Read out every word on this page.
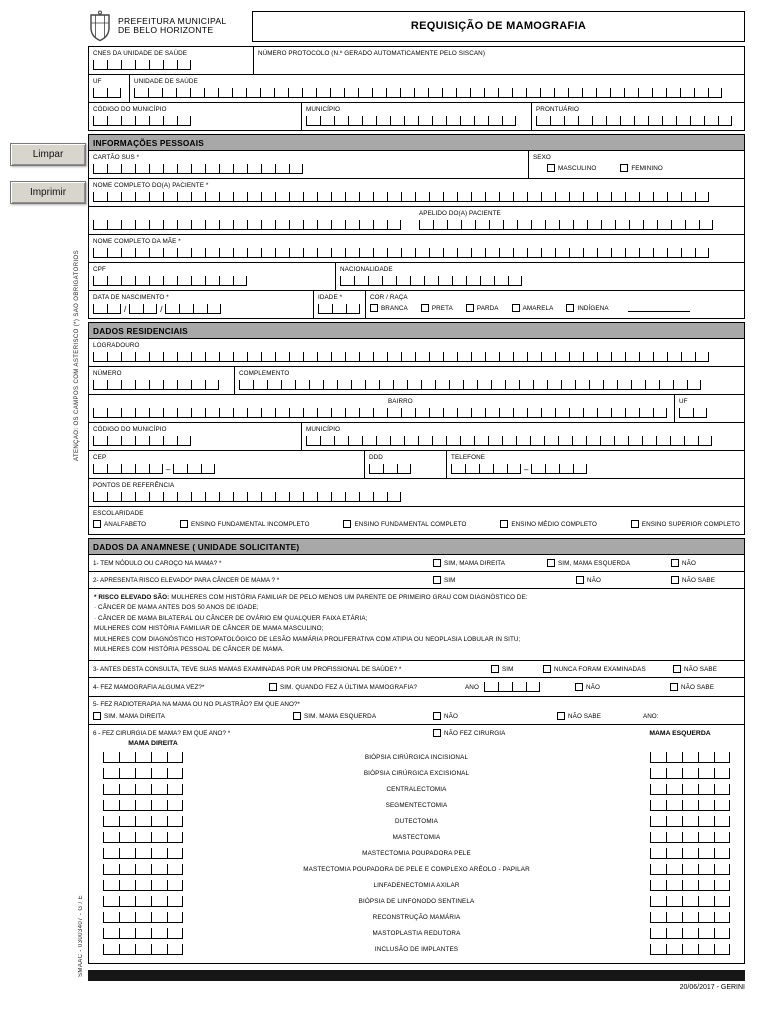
Limpar
Imprimir
ATENÇÃO: OS CAMPOS COM ASTERISCO (*) SÃO OBRIGATÓRIOS
SMAAC - 03003407 - G / E
PREFEITURA MUNICIPAL
DE BELO HORIZONTE	REQUISIÇÃO DE MAMOGRAFIA
CNES DA UNIDADE DE SAÚDE	NÚMERO PROTOCOLO (N.º GERADO AUTOMATICAMENTE PELO SISCAN)
UF	UNIDADE DE SAÚDE
CÓDIGO DO MUNICÍPIO	MUNICÍPIO	PRONTUÁRIO
INFORMAÇÕES PESSOAIS
CARTÃO SUS *	SEXO
MASCULINO	FEMININO
NOME COMPLETO DO(A) PACIENTE *
APELIDO DO(A) PACIENTE
NOME COMPLETO DA MÃE *
CPF	NACIONALIDADE
DATA DE NASCIMENTO *
/	/
IDADE *	COR / RAÇA
BRANCA	PRETA	PARDA	AMARELA	INDÍGENA
DADOS RESIDENCIAIS
LOGRADOURO
NÚMERO	COMPLEMENTO
BAIRRO	UF
CÓDIGO DO MUNICÍPIO	MUNICÍPIO
CEP
–
DDD	TELEFONE
–
PONTOS DE REFERÊNCIA
ESCOLARIDADE
ANALFABETO	ENSINO FUNDAMENTAL INCOMPLETO	ENSINO FUNDAMENTAL COMPLETO	ENSINO MÉDIO COMPLETO	ENSINO SUPERIOR COMPLETO
DADOS DA ANAMNESE ( UNIDADE SOLICITANTE)
1- TEM NÓDULO OU CAROÇO NA MAMA? *	SIM, MAMA DIREITA	SIM, MAMA ESQUERDA	NÃO
2- APRESENTA RISCO ELEVADO* PARA CÂNCER DE MAMA ? *	SIM	NÃO	NÃO SABE
* RISCO ELEVADO SÃO: MULHERES COM HISTÓRIA FAMILIAR DE PELO MENOS UM PARENTE DE PRIMEIRO GRAU COM DIAGNÓSTICO DE:
· CÂNCER DE MAMA ANTES DOS 50 ANOS DE IDADE;
· CÂNCER DE MAMA BILATERAL OU CÂNCER DE OVÁRIO EM QUALQUER FAIXA ETÁRIA;
MULHERES COM HISTÓRIA FAMILIAR DE CÂNCER DE MAMA MASCULINO;
MULHERES COM DIAGNÓSTICO HISTOPATOLÓGICO DE LESÃO MAMÁRIA PROLIFERATIVA COM ATIPIA OU NEOPLASIA LOBULAR IN SITU;
MULHERES COM HISTÓRIA PESSOAL DE CÂNCER DE MAMA.
3- ANTES DESTA CONSULTA, TEVE SUAS MAMAS EXAMINADAS POR UM PROFISSIONAL DE SAÚDE? *	SIM	NUNCA FORAM EXAMINADAS	NÃO SABE
4- FEZ MAMOGRAFIA ALGUMA VEZ?*	SIM. QUANDO FEZ A ÚLTIMA MAMOGRAFIA?	ANO	NÃO	NÃO SABE
5- FEZ RADIOTERAPIA NA MAMA OU NO PLASTRÃO? EM QUE ANO?*
SIM. MAMA DIREITA	SIM. MAMA ESQUERDA	NÃO	NÃO SABE	ANO:
6 - FEZ CIRURGIA DE MAMA? EM QUE ANO? *	NÃO FEZ CIRURGIA	MAMA ESQUERDA
MAMA DIREITA
BIÓPSIA CIRÚRGICA INCISIONAL
BIÓPSIA CIRÚRGICA EXCISIONAL
CENTRALECTOMIA
SEGMENTECTOMIA
DUTECTOMIA
MASTECTOMIA
MASTECTOMIA POUPADORA PELE
MASTECTOMIA POUPADORA DE PELE E COMPLEXO ARÉOLO - PAPILAR
LINFADENECTOMIA AXILAR
BIÓPSIA DE LINFONODO SENTINELA
RECONSTRUÇÃO MAMÁRIA
MASTOPLASTIA REDUTORA
INCLUSÃO DE IMPLANTES
20/06/2017 - GERINI
